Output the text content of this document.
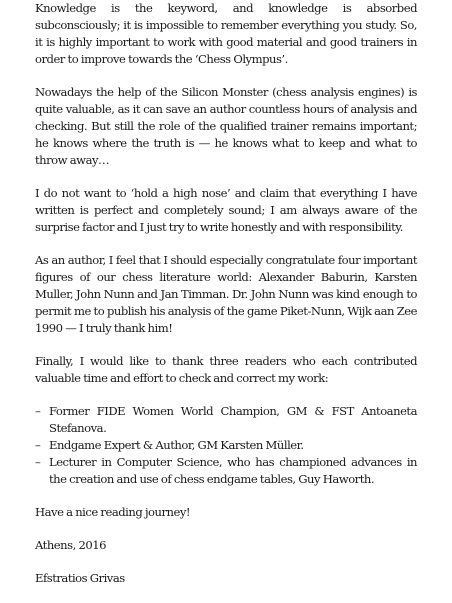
Knowledge is the keyword, and knowledge is absorbed subconsciously; it is impossible to remember everything you study. So, it is highly important to work with good material and good trainers in order to improve towards the ‘Chess Olympus’.

Nowadays the help of the Silicon Monster (chess analysis engines) is quite valuable, as it can save an author countless hours of analysis and checking. But still the role of the qualified trainer remains important; he knows where the truth is — he knows what to keep and what to throw away…

I do not want to ‘hold a high nose’ and claim that everything I have written is perfect and completely sound; I am always aware of the surprise factor and I just try to write honestly and with responsibility.

As an author, I feel that I should especially congratulate four important figures of our chess literature world: Alexander Baburin, Karsten Muller, John Nunn and Jan Timman. Dr. John Nunn was kind enough to permit me to publish his analysis of the game Piket-Nunn, Wijk aan Zee 1990 — I truly thank him!

Finally, I would like to thank three readers who each contributed valuable time and effort to check and correct my work:

– Former FIDE Women World Champion, GM & FST Antoaneta Stefanova.
– Endgame Expert & Author, GM Karsten Müller.
– Lecturer in Computer Science, who has championed advances in the creation and use of chess endgame tables, Guy Haworth.

Have a nice reading journey!

Athens, 2016

Efstratios Grivas
